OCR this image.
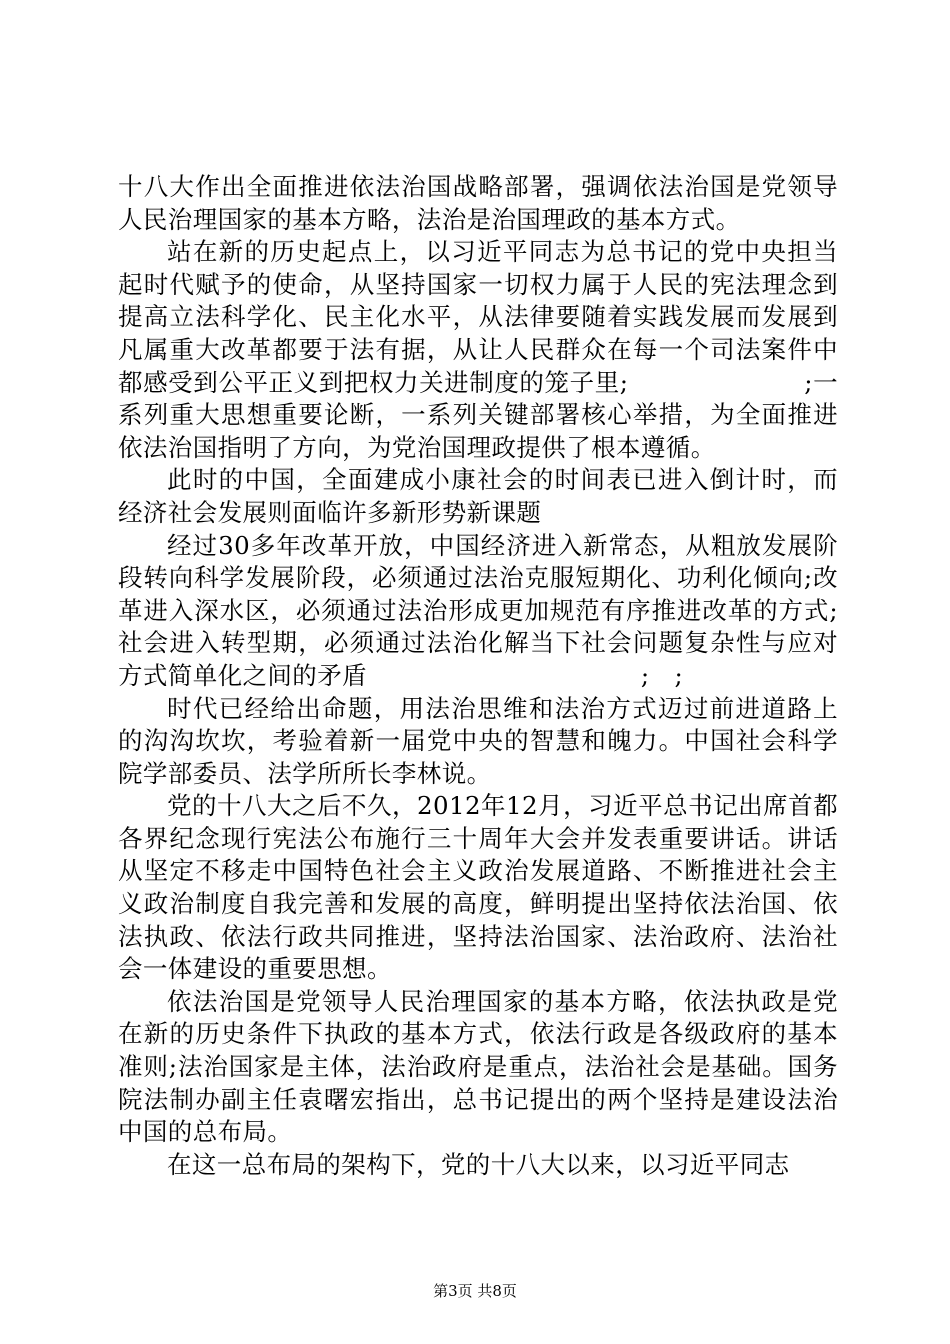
十八大作出全面推进依法治国战略部署，强调依法治国是党领导人民治理国家的基本方略，法治是治国理政的基本方式。

站在新的历史起点上，以习近平同志为总书记的党中央担当起时代赋予的使命，从坚持国家一切权力属于人民的宪法理念到提高立法科学化、民主化水平，从法律要随着实践发展而发展到凡属重大改革都要于法有据，从让人民群众在每一个司法案件中都感受到公平正义到把权力关进制度的笼子里;　　　　　　　;一系列重大思想重要论断，一系列关键部署核心举措，为全面推进依法治国指明了方向，为党治国理政提供了根本遵循。

此时的中国，全面建成小康社会的时间表已进入倒计时，而经济社会发展则面临许多新形势新课题

经过30多年改革开放，中国经济进入新常态，从粗放发展阶段转向科学发展阶段，必须通过法治克服短期化、功利化倾向;改革进入深水区，必须通过法治形成更加规范有序推进改革的方式;社会进入转型期，必须通过法治化解当下社会问题复杂性与应对方式简单化之间的矛盾　　　　　　　　　　　;　;

时代已经给出命题，用法治思维和法治方式迈过前进道路上的沟沟坎坎，考验着新一届党中央的智慧和魄力。中国社会科学院学部委员、法学所所长李林说。

党的十八大之后不久，2012年12月，习近平总书记出席首都各界纪念现行宪法公布施行三十周年大会并发表重要讲话。讲话从坚定不移走中国特色社会主义政治发展道路、不断推进社会主义政治制度自我完善和发展的高度，鲜明提出坚持依法治国、依法执政、依法行政共同推进，坚持法治国家、法治政府、法治社会一体建设的重要思想。

依法治国是党领导人民治理国家的基本方略，依法执政是党在新的历史条件下执政的基本方式，依法行政是各级政府的基本准则;法治国家是主体，法治政府是重点，法治社会是基础。国务院法制办副主任袁曙宏指出，总书记提出的两个坚持是建设法治中国的总布局。

在这一总布局的架构下，党的十八大以来，以习近平同志

第3页 共8页
